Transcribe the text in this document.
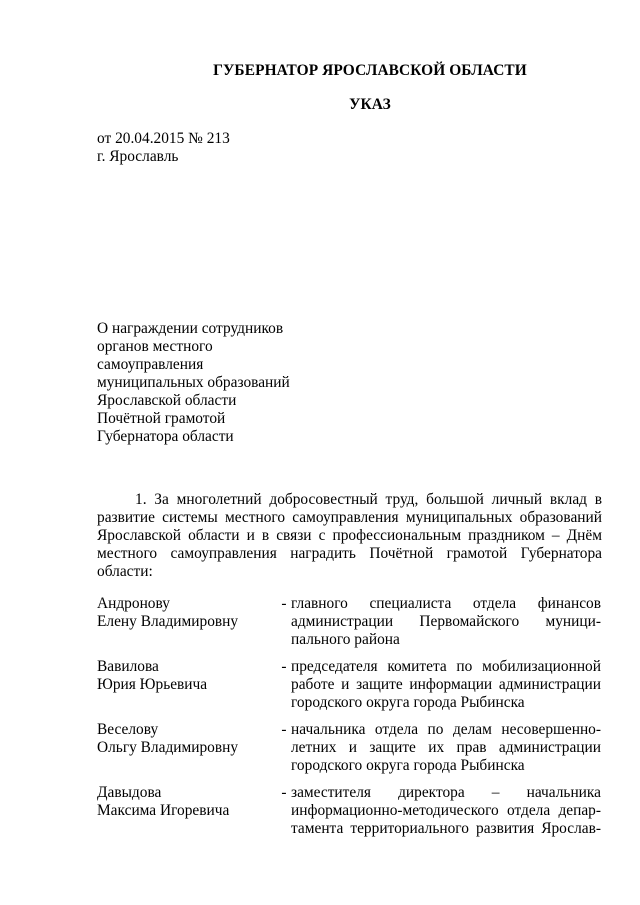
ГУБЕРНАТОР ЯРОСЛАВСКОЙ ОБЛАСТИ
УКАЗ
от 20.04.2015 № 213
г. Ярославль
О награждении сотрудников
органов местного
самоуправления
муниципальных образований
Ярославской области
Почётной грамотой
Губернатора области
1. За многолетний добросовестный труд, большой личный вклад в
развитие системы местного самоуправления муниципальных образований
Ярославской области и в связи с профессиональным праздником – Днём
местного самоуправления наградить Почётной грамотой Губернатора
области:
Андронову
Елену Владимировну
- главного специалиста отдела финансов
администрации Первомайского муници-
пального района
Вавилова
Юрия Юрьевича
- председателя комитета по мобилизационной
работе и защите информации администрации
городского округа города Рыбинска
Веселову
Ольгу Владимировну
- начальника отдела по делам несовершенно-
летних и защите их прав администрации
городского округа города Рыбинска
Давыдова
Максима Игоревича
- заместителя директора – начальника
информационно-методического отдела депар-
тамента территориального развития Ярослав-
